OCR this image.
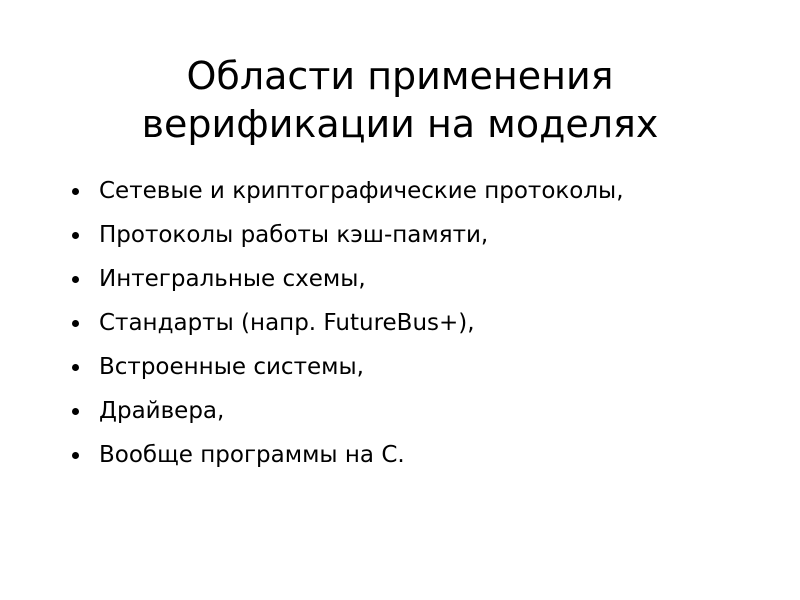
Области применения
верификации на моделях
Сетевые и криптографические протоколы,
Протоколы работы кэш-памяти,
Интегральные схемы,
Стандарты (напр. FutureBus+),
Встроенные системы,
Драйвера,
Вообще программы на С.
